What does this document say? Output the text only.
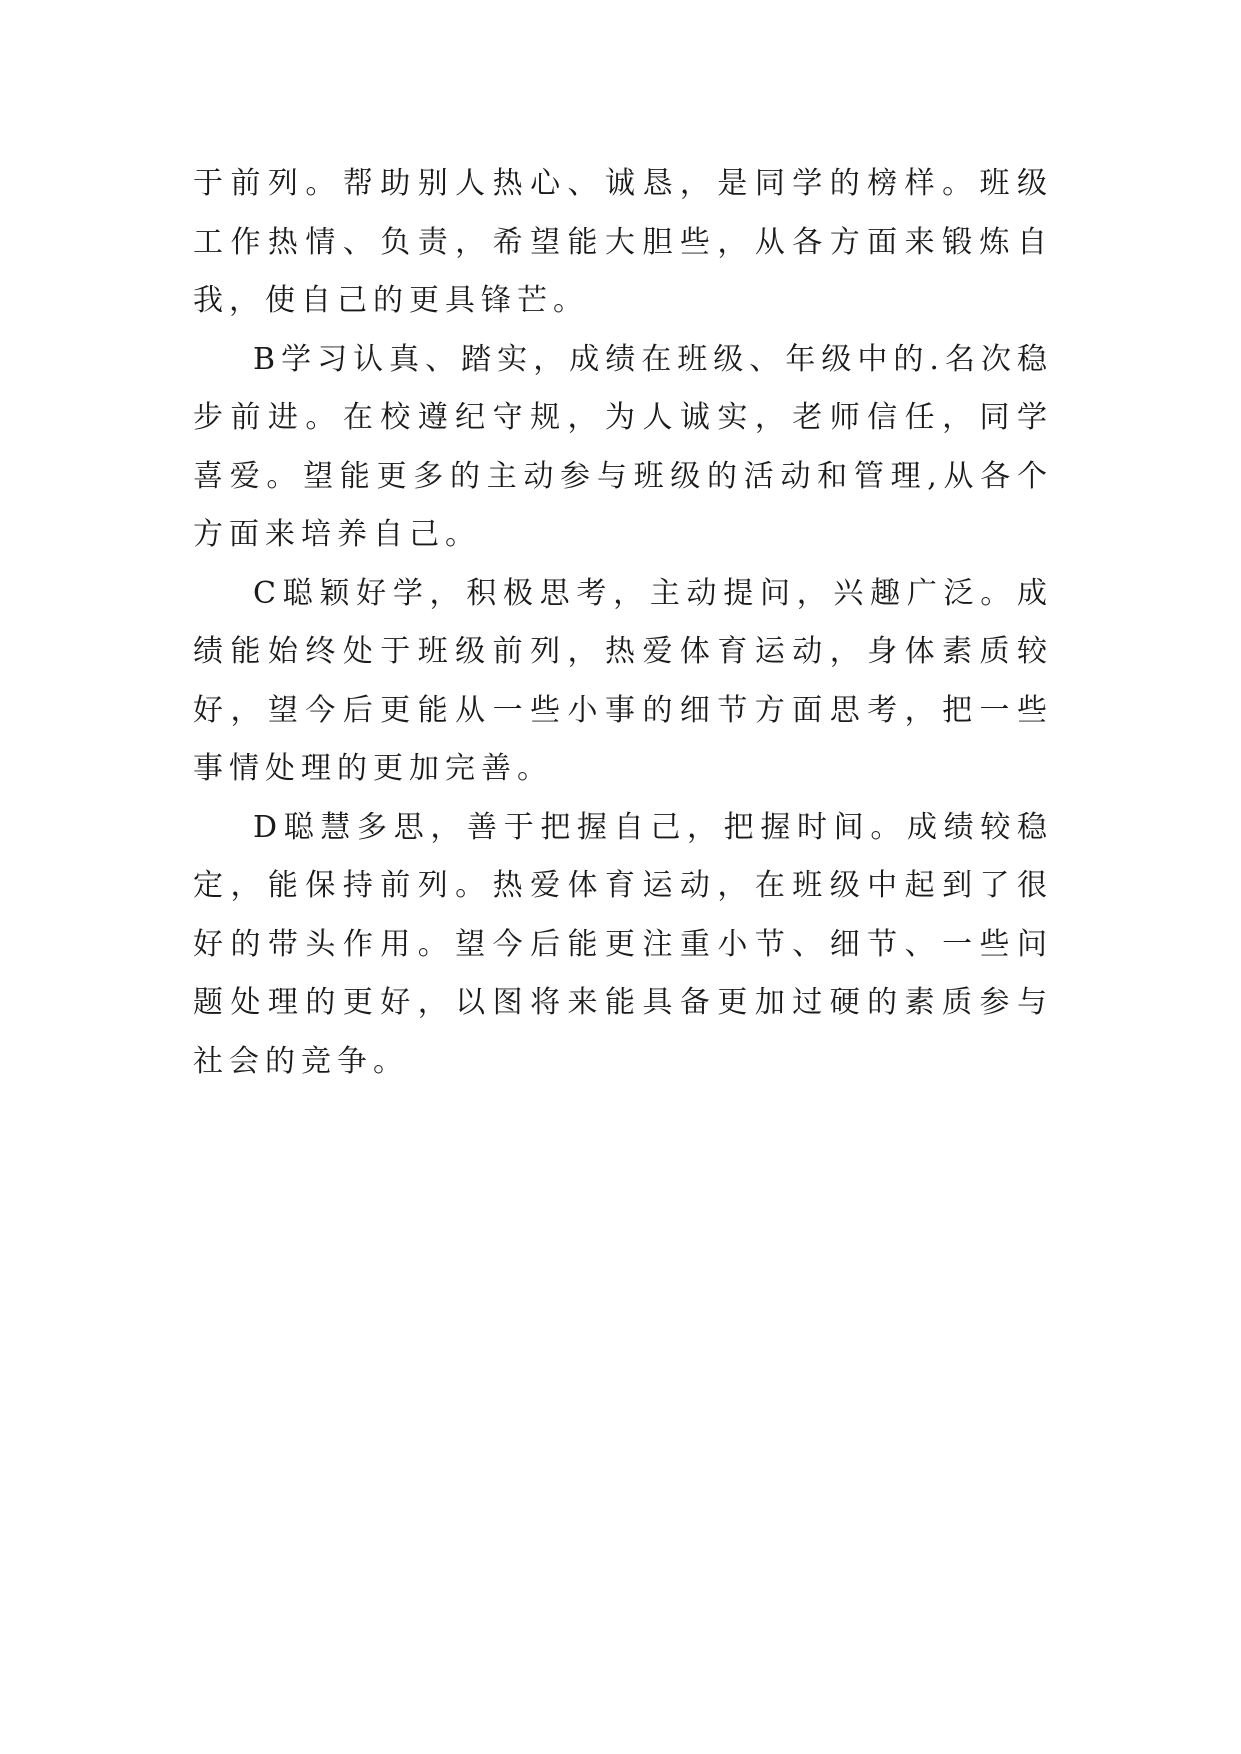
于前列。帮助别人热心、诚恳，是同学的榜样。班级工作热情、负责，希望能大胆些，从各方面来锻炼自我，使自己的更具锋芒。

B学习认真、踏实，成绩在班级、年级中的.名次稳步前进。在校遵纪守规，为人诚实，老师信任，同学喜爱。望能更多的主动参与班级的活动和管理,从各个方面来培养自己。

C聪颖好学，积极思考，主动提问，兴趣广泛。成绩能始终处于班级前列，热爱体育运动，身体素质较好，望今后更能从一些小事的细节方面思考，把一些事情处理的更加完善。

D聪慧多思，善于把握自己，把握时间。成绩较稳定，能保持前列。热爱体育运动，在班级中起到了很好的带头作用。望今后能更注重小节、细节、一些问题处理的更好，以图将来能具备更加过硬的素质参与社会的竞争。
